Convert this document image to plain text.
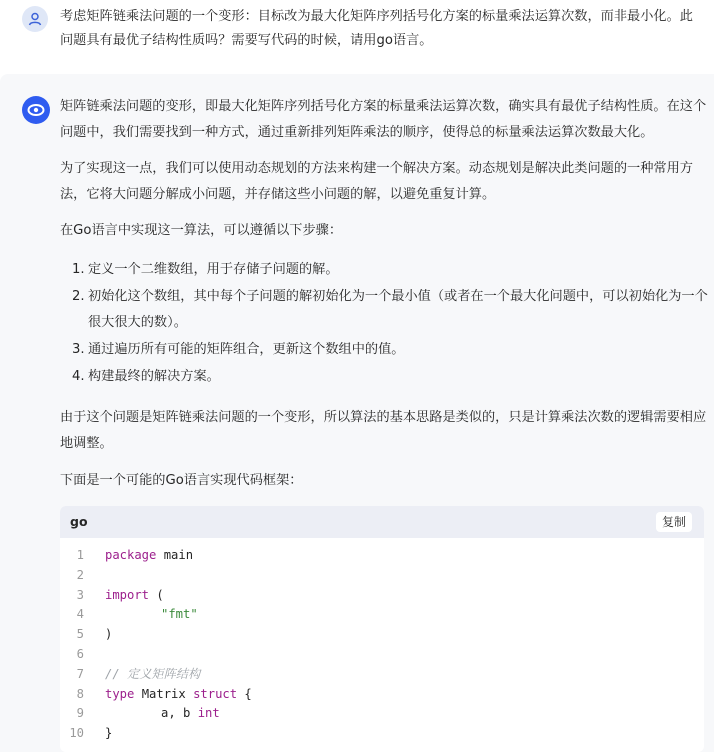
考虑矩阵链乘法问题的一个变形：目标改为最大化矩阵序列括号化方案的标量乘法运算次数，而非最小化。此问题具有最优子结构性质吗？需要写代码的时候，请用go语言。
矩阵链乘法问题的变形，即最大化矩阵序列括号化方案的标量乘法运算次数，确实具有最优子结构性质。在这个问题中，我们需要找到一种方式，通过重新排列矩阵乘法的顺序，使得总的标量乘法运算次数最大化。
为了实现这一点，我们可以使用动态规划的方法来构建一个解决方案。动态规划是解决此类问题的一种常用方法，它将大问题分解成小问题，并存储这些小问题的解，以避免重复计算。
在Go语言中实现这一算法，可以遵循以下步骤：
1. 定义一个二维数组，用于存储子问题的解。
2. 初始化这个数组，其中每个子问题的解初始化为一个最小值（或者在一个最大化问题中，可以初始化为一个很大很大的数）。
3. 通过遍历所有可能的矩阵组合，更新这个数组中的值。
4. 构建最终的解决方案。
由于这个问题是矩阵链乘法问题的一个变形，所以算法的基本思路是类似的，只是计算乘法次数的逻辑需要相应地调整。
下面是一个可能的Go语言实现代码框架：
go	复制
1 package main
2
3 import (
4	"fmt"
5 )
6
7 // 定义矩阵结构
8 type Matrix struct {
9	a, b int
10 }
